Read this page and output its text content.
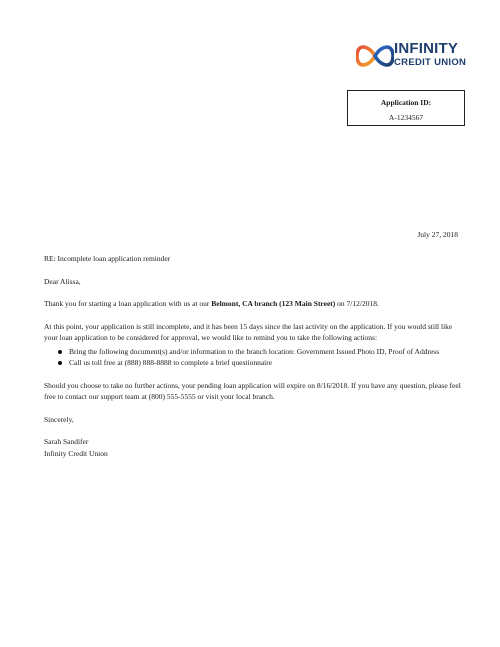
INFINITY
CREDIT UNION
Application ID:
A-1234567
July 27, 2018

RE: Incomplete loan application reminder

Dear Alissa,

Thank you for starting a loan application with us at our Belmont, CA branch (123 Main Street) on 7/12/2018.

At this point, your application is still incomplete, and it has been 15 days since the last activity on the application. If you would still like your loan application to be considered for approval, we would like to remind you to take the following actions:

Bring the following document(s) and/or information to the branch location: Government Issued Photo ID, Proof of Address
Call us toll free at (888) 888-8888 to complete a brief questionnaire

Should you choose to take no further actions, your pending loan application will expire on 8/16/2018. If you have any question, please feel free to contact our support team at (800) 555-5555 or visit your local branch.

Sincerely,

Sarah Sandifer

Infinity Credit Union
